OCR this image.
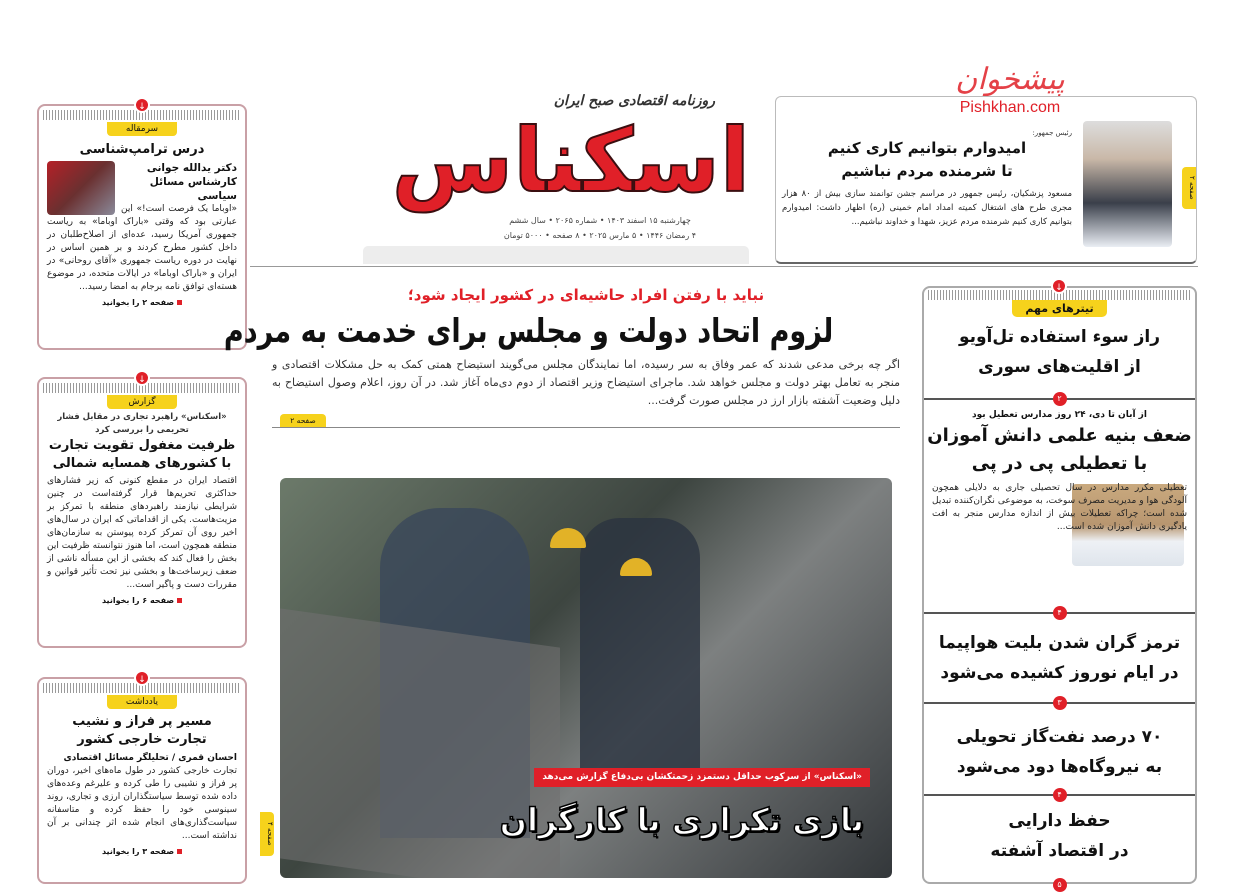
روزنامه اقتصادی صبح ایران
اسکناس
چهارشنبه ۱۵ اسفند ۱۴۰۳ • شماره ۲۰۶۵ • سال ششم
۴ رمضان ۱۴۴۶ • ۵ مارس ۲۰۲۵ • ۸ صفحه • ۵۰۰۰ تومان
پیشخوان
Pishkhan.com
صفحه ۲
رئیس جمهور:
امیدوارم بتوانیم کاری کنیم
تا شرمنده مردم نباشیم
مسعود پزشکیان، رئیس جمهور در مراسم جشن توانمند سازی بیش از ۸۰ هزار مجری طرح های اشتغال کمیته امداد امام خمینی (ره) اظهار داشت: امیدوارم بتوانیم کاری کنیم شرمنده مردم عزیز، شهدا و خداوند نباشیم...
↓
سرمقاله
درس ترامپ‌شناسی
دکتر یدالله جوانی
کارشناس مسائل سیاسی
«اوباما یک فرصت است!» این عبارتی بود که وقتی «باراک اوباما» به ریاست جمهوری آمریکا رسید، عده‌ای از اصلاح‌طلبان در داخل کشور مطرح کردند و بر همین اساس در نهایت در دوره ریاست جمهوری «آقای روحانی» در ایران و «باراک اوباما» در ایالات متحده، در موضوع هسته‌ای توافق نامه برجام به امضا رسید...
صفحه ۲ را بخوانید
↓
گزارش
«اسکناس» راهبرد تجاری در مقابل فشار تحریمی را بررسی کرد
ظرفیت مغفول تقویت تجارت
با کشورهای همسایه شمالی
اقتصاد ایران در مقطع کنونی که زیر فشارهای حداکثری تحریم‌ها قرار گرفته‌است در چنین شرایطی نیازمند راهبردهای منطقه با تمرکز بر مزیت‌هاست. یکی از اقداماتی که ایران در سال‌های اخیر روی آن تمرکز کرده پیوستن به سازمان‌های منطقه همچون است، اما هنوز نتوانسته ظرفیت این بخش را فعال کند که بخشی از این مسأله ناشی از ضعف زیرساخت‌ها و بخشی نیز تحت تأثیر قوانین و مقررات دست و پاگیر است...
صفحه ۶ را بخوانید
↓
یادداشت
مسیر پر فراز و نشیب
تجارت خارجی کشور
احسان قمری / تحلیلگر مسائل اقتصادی
تجارت خارجی کشور در طول ماه‌های اخیر، دوران پر فراز و نشیبی را طی کرده و علیرغم وعده‌های داده شده توسط سیاستگذاران ارزی و تجاری، روند سینوسی خود را حفظ کرده و متاسفانه سیاست‌گذاری‌های انجام شده اثر چندانی بر آن نداشته است...
صفحه ۳ را بخوانید
نباید با رفتن افراد حاشیه‌ای در کشور ایجاد شود؛
لزوم اتحاد دولت و مجلس برای خدمت به مردم
اگر چه برخی مدعی شدند که عمر وفاق به سر رسیده، اما نمایندگان مجلس می‌گویند استیضاح همتی کمک به حل مشکلات اقتصادی و منجر به تعامل بهتر دولت و مجلس خواهد شد. ماجرای استیضاح وزیر اقتصاد از دوم دی‌ماه آغاز شد. در آن روز، اعلام وصول استیضاح به دلیل وضعیت آشفته بازار ارز در مجلس صورت گرفت...
صفحه ۲
«اسکناس» از سرکوب حداقل دستمزد زحمتکشان بی‌دفاع گزارش می‌دهد
بازی تکراری با کارگران
صفحه ۴
↓
تیترهای مهم
راز سوء استفاده تل‌آویو
از اقلیت‌های سوری
۲
از آبان تا دی، ۲۴ روز مدارس تعطیل بود
ضعف بنیه علمی دانش آموزان
با تعطیلی پی در پی
تعطیلی مکرر مدارس در سال تحصیلی جاری به دلایلی همچون آلودگی هوا و مدیریت مصرف سوخت، به موضوعی نگران‌کننده تبدیل شده است؛ چراکه تعطیلات بیش از اندازه مدارس منجر به افت یادگیری دانش آموزان شده است...
۴
ترمز گران شدن بلیت هواپیما
در ایام نوروز کشیده می‌شود
۳
۷۰ درصد نفت‌گاز تحویلی
به نیروگاه‌ها دود می‌شود
۴
حفظ دارایی
در اقتصاد آشفته
۵
